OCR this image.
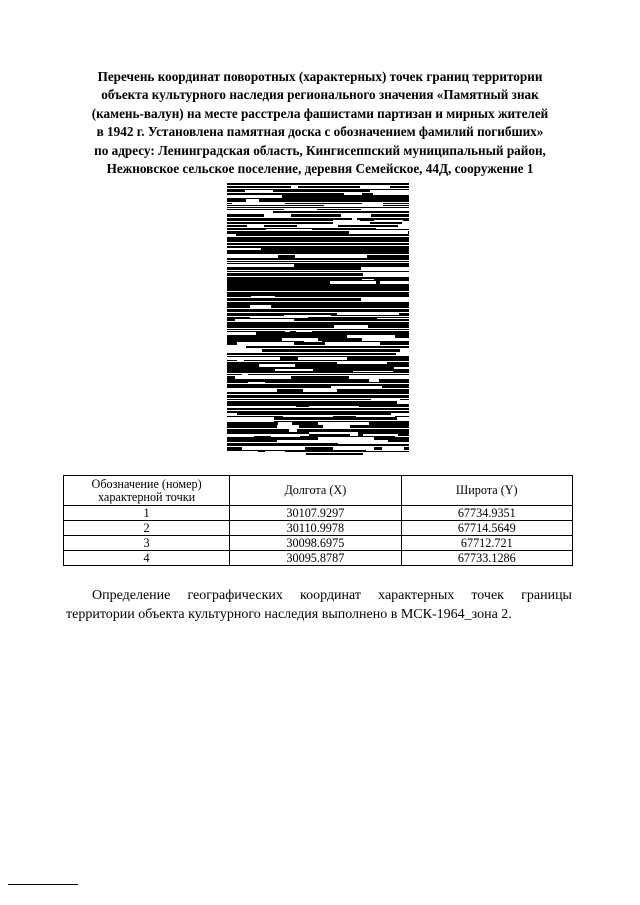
Перечень координат поворотных (характерных) точек границ территории
объекта культурного наследия регионального значения «Памятный знак
(камень-валун) на месте расстрела фашистами партизан и мирных жителей
в 1942 г. Установлена памятная доска с обозначением фамилий погибших»
по адресу: Ленинградская область, Кингисеппский муниципальный район,
Нежновское сельское поселение, деревня Семейское, 44Д, сооружение 1
Обозначение (номер) характерной точки	Долгота (X)	Широта (Y)
1	30107.9297	67734.9351
2	30110.9978	67714.5649
3	30098.6975	67712.721
4	30095.8787	67733.1286
Определение географических координат характерных точек границы
территории объекта культурного наследия выполнено в МСК-1964_зона 2.
